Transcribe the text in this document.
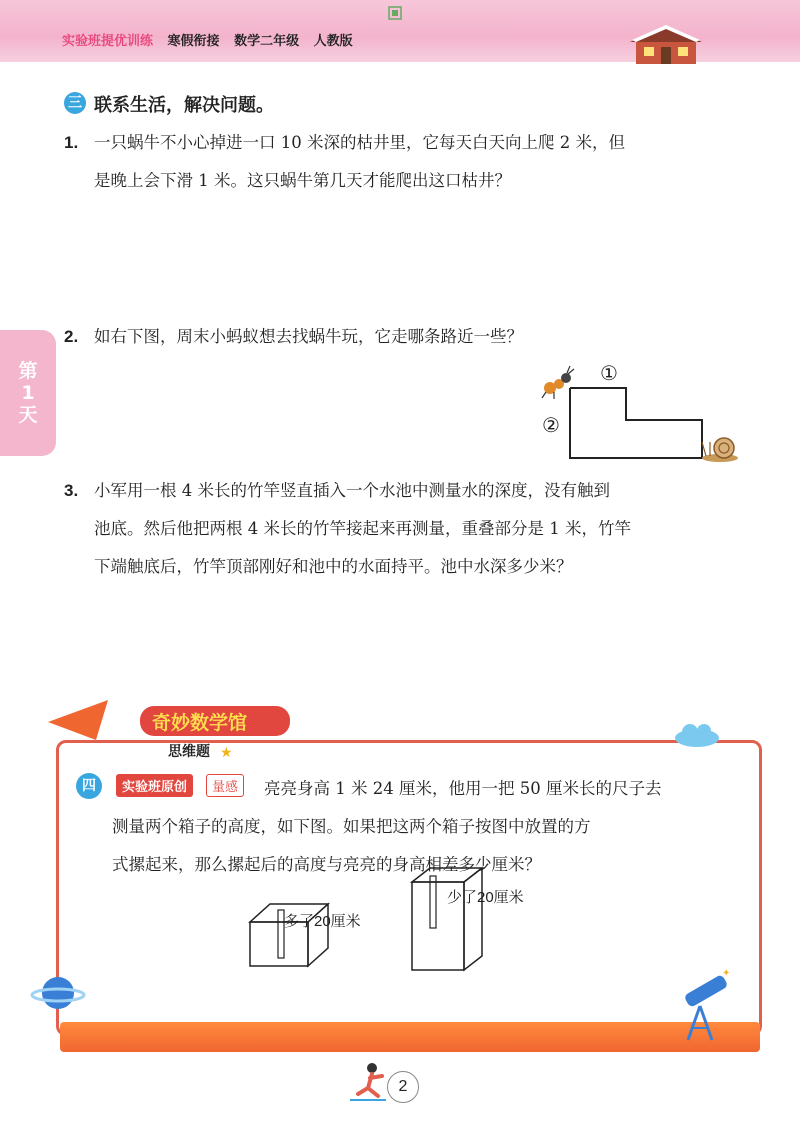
实验班提优训练 寒假衔接 数学二年级 人教版
第1天
三 联系生活，解决问题。
1. 一只蜗牛不小心掉进一口 10 米深的枯井里，它每天白天向上爬 2 米，但
是晚上会下滑 1 米。这只蜗牛第几天才能爬出这口枯井？
2. 如右下图，周末小蚂蚁想去找蜗牛玩，它走哪条路近一些？
①
②
3. 小军用一根 4 米长的竹竿竖直插入一个水池中测量水的深度，没有触到
池底。然后他把两根 4 米长的竹竿接起来再测量，重叠部分是 1 米，竹竿
下端触底后，竹竿顶部刚好和池中的水面持平。池中水深多少米？
奇妙数学馆
思维题 ★
四	实验班原创	量感	亮亮身高 1 米 24 厘米，他用一把 50 厘米长的尺子去
测量两个箱子的高度，如下图。如果把这两个箱子按图中放置的方
式摞起来，那么摞起后的高度与亮亮的身高相差多少厘米？
多了20厘米
少了20厘米
✦
2
